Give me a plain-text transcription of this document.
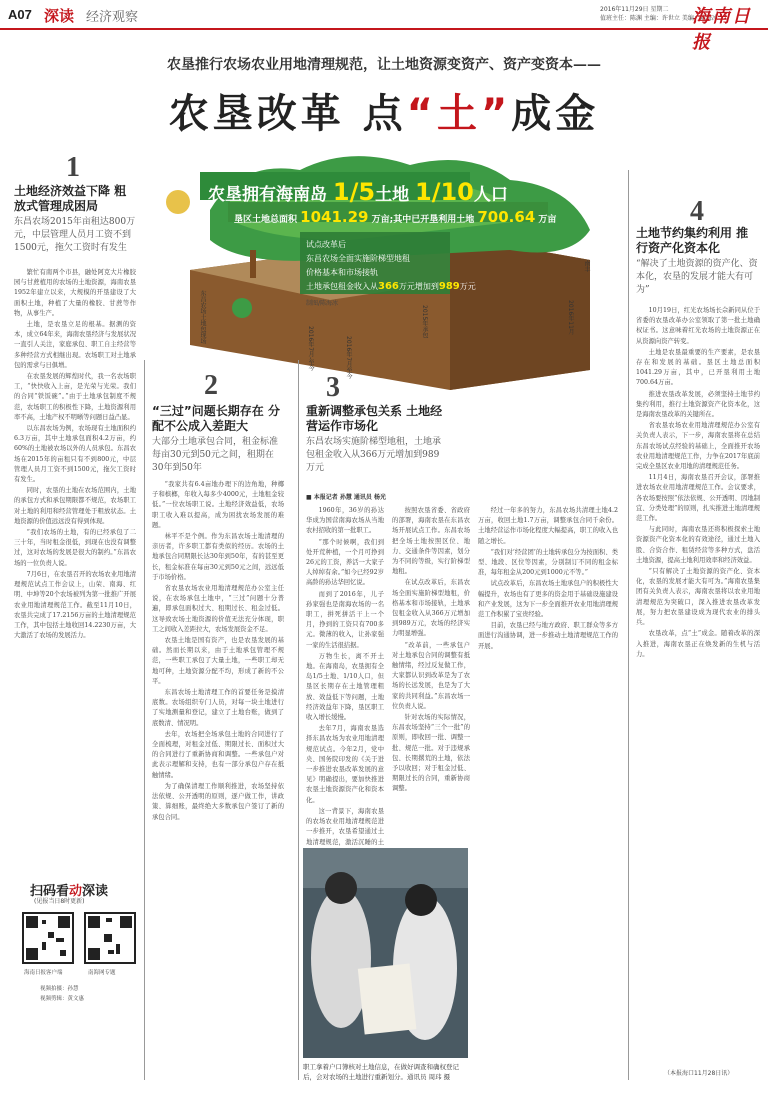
A07 深读 经济观察
2016年11月29日 星期二
值班主任：陈渊 主编：许世立 美编：陈海冰
海南日报
农垦推行农场农业用地清理规范，让土地资源变资产、资产变资本——
农垦改革 点“土”成金
农垦拥有海南岛 1/5土地 1/10人口
垦区土地总面积 1041.29 万亩;其中已开垦利用土地 700.64 万亩
试点改革后
东昌农场全面实施阶梯型地租
价格基本和市场接轨
土地承包租金收入从366万元增加到989万元
制图/陈海冰
东昌农场土地包现场	2015年承包
2016年7月-至今	2016年7月至今
2016年11月
南丰
1
土地经济效益下降 粗放式管理成困局
东昌农场2015年亩租达800万元，中层管理人员月工资不到1500元，拖欠工资时有发生

繁忙有南两个市县，融处阿克大片橡胶园与甘蔗植用的农场的土地资源，海南农垦1952年建立以来，大规模的开垦建设了大面积土地，种植了大量的橡胶、甘蔗等作物，从事生产。

土地，是农垦立足的根基。据测的资本，成立64年来，海南农垦经济与发展状况一直引人关注，家庭承包、职工自主经营等多种经营方式相继出现。农场职工对土地承包的需求与日俱增。

在农垦发展的辉煌时代，我一名农场职工，“快快收入上亩，是光荣与光荣。我们的合同“铁饭碗”。”由于土地承包制度不规范，农场职工的积极性下降，土地资源利用率不高，土地产权不明晰等问题日益凸显。

以东昌农场为例，农场现有土地面积约6.3万亩，其中土地承包面积4.2万亩，约60%的土地被农场以外的人员承包。东昌农场在2015年的亩租只有不到800元，中层管理人员月工资不到1500元，拖欠工资时有发生。

同时，农垦的土地在农场范围内，土地的承包方式和承包期限都不规范，农场职工对土地的利用和经营管理处于粗放状态。土地资源的价值远远没有得到体现。

“我们农场的土地，有的已经承包了二三十年，当时租金很低，到现在也没有调整过，这对农场的发展是很大的制约。”东昌农场的一位负责人说。

7月6日，在农垦召开的农场农业用地清理规范试点工作会议上，山荣、南海、红明、中坤等20个农场被列为第一批推广开展农业用地清理规范工作。截至11月10日，农垦共完成了17.2156万亩的土地清理规范工作，其中包括土地收回14.2230万亩，大大激活了农场的发展活力。

扫码看动深读
(见报当日8时更新)
海南日报客户端	南海网专题
视频拍摄：孙慧
视频剪辑：黄文惠
2
“三过”问题长期存在 分配不公成入差距大
大部分土地承包合同，租金标准每亩30元到50元之间，租期在30年到50年

“我家共有6.4亩地办理下的边角地，种椰子和槟榔，年收入每多少4000元，土地租金较低。”一位农场职工说。土地经济效益低，农场职工收入难以提高，成为困扰农场发展的难题。

林平不是个例。作为东昌农场土地清理的亲历者，许多职工都有类似的经历。农场的土地承包合同期限长达30年到50年，有的甚至更长，租金标准在每亩30元到50元之间，远远低于市场价格。

省农垦农场农业用地清理规范办公室主任说，在农场承包土地中，“三过”问题十分普遍，即承包面积过大、租期过长、租金过低。这导致农场土地资源的价值无法充分体现，职工之间收入差距拉大，农场发展资金不足。

农垦土地是国有资产，也是农垦发展的基础。然而长期以来，由于土地承包管理不规范，一些职工承包了大量土地，一些职工却无地可种，土地资源分配不均，形成了新的不公平。

东昌农场土地清理工作的首要任务是摸清底数。农场组织专门人员，对每一块土地进行了实地测量和登记，建立了土地台账，做到了底数清、情况明。

去年，农场把全场承包土地的合同进行了全面梳理，对租金过低、期限过长、面积过大的合同进行了重新协商和调整。一些承包户对此表示理解和支持，也有一部分承包户存在抵触情绪。

为了确保清理工作顺利推进，农场坚持依法依规、公开透明的原则，逐户做工作，讲政策、算细账，最终绝大多数承包户签订了新的承包合同。

3
重新调整承包关系 土地经营运作市场化
东昌农场实施阶梯型地租，土地承包租金收入从366万元增加到989万元
■ 本报记者 孙慧 通讯员 杨光

1960年，36岁的孙达华成为国营南海农场从当地农村招收的第一批职工。

“那个时候啊，我们到处开荒种植，一个月可挣到26元的工资，养活一大家子人绰绰有余。”如今已经92岁高龄的孙达华回忆说。

而到了2016年，儿子孙家强也是南海农场的一名职工，拼死拼活干上一个月，挣到的工资只有700多元。微薄的收入，让孙家强一家的生活很拮据。

万物生长，离不开土地。在海南岛，农垦拥有全岛1/5土地、1/10人口，但垦区长期存在土地管理粗放、效益低下等问题，土地经济效益年下降，垦区职工收入增长缓慢。

去年7月，海南农垦选择东昌农场为农业用地清理规范试点。今年2月，党中央、国务院印发的《关于进一步推进农垦改革发展的意见》明确提出，要加快推进农垦土地资源资产化和资本化。

这一背景下，海南农垦的农场农业用地清理规范进一步推开，农垦希望通过土地清理规范，激活沉睡的土

按照农垦省委、省政府的部署，海南农垦在东昌农场开展试点工作。东昌农场把全场土地按照区位、地力、交通条件等因素，划分为不同的等级，实行阶梯型地租。

在试点改革后，东昌农场全面实施阶梯型地租，价格基本和市场接轨，土地承包租金收入从366万元增加到989万元，农场的经济实力明显增强。

“改革前，一些承包户对土地承包合同的调整有抵触情绪，经过反复做工作，大家都认识到改革是为了农场的长远发展，也是为了大家的共同利益。”东昌农场一位负责人说。

针对农场的实际情况，东昌农场坚持“三个一批”的原则，即收回一批、调整一批、规范一批。对于违规承包、长期撂荒的土地，依法予以收回；对于租金过低、期限过长的合同，重新协商调整。

经过一年多的努力，东昌农场共清理土地4.2万亩，收回土地1.7万亩，调整承包合同千余份。土地经营运作市场化程度大幅提高，职工的收入也随之增长。

“我们对‘经营团’的土地转承包分为按面积、类型、地段、区位等因素，分别制订不同的租金标准，每年租金从200元到1000元不等。”

试点改革后，东昌农场土地承包户的积极性大幅提升，农场也有了更多的资金用于基础设施建设和产业发展，这为下一步全面推开农业用地清理规范工作积累了宝贵经验。

目前，农垦已经与地方政府、职工群众等多方面进行沟通协调，进一步推动土地清理规范工作的开展。

职工拿着户口簿核对土地信息，在做好调查和确权登记后，会对农场的土地进行重新划分。通讯员 周玮 摄
4
土地节约集约利用 推行资产化资本化
“解决了土地资源的资产化、资本化，农垦的发展才能大有可为”

10月19日，红光农场场长佘新同从位于省委的农垦改革办公室领取了第一批土地确权证书。这意味着红光农场的土地资源正在从资源向资产转变。

土地是农垦最重要的生产要素，是农垦存在和发展的基础。垦区土地总面积1041.29万亩，其中，已开垦利用土地700.64万亩。

推进农垦改革发展，必须坚持土地节约集约利用，推行土地资源资产化资本化，这是海南农垦改革的关键所在。

省农垦农场农业用地清理规范办公室有关负责人表示，下一步，海南农垦将在总结东昌农场试点经验的基础上，全面推开农场农业用地清理规范工作，力争在2017年底前完成全垦区农业用地的清理规范任务。

11月4日，海南农垦召开会议，部署推进农场农业用地清理规范工作。会议要求，各农场要按照“依法依规、公开透明、因地制宜、分类处理”的原则，扎实推进土地清理规范工作。

与此同时，海南农垦还将积极探索土地资源资产化资本化的有效途径，通过土地入股、合资合作、租赁经营等多种方式，盘活土地资源，提高土地利用效率和经济效益。

“只有解决了土地资源的资产化、资本化，农垦的发展才能大有可为。”海南农垦集团有关负责人表示，海南农垦将以农业用地清理规范为突破口，深入推进农垦改革发展，努力把农垦建设成为现代农业的排头兵。

农垦改革，点“土”成金。随着改革的深入推进，海南农垦正在焕发新的生机与活力。

（本报海口11月28日讯）
